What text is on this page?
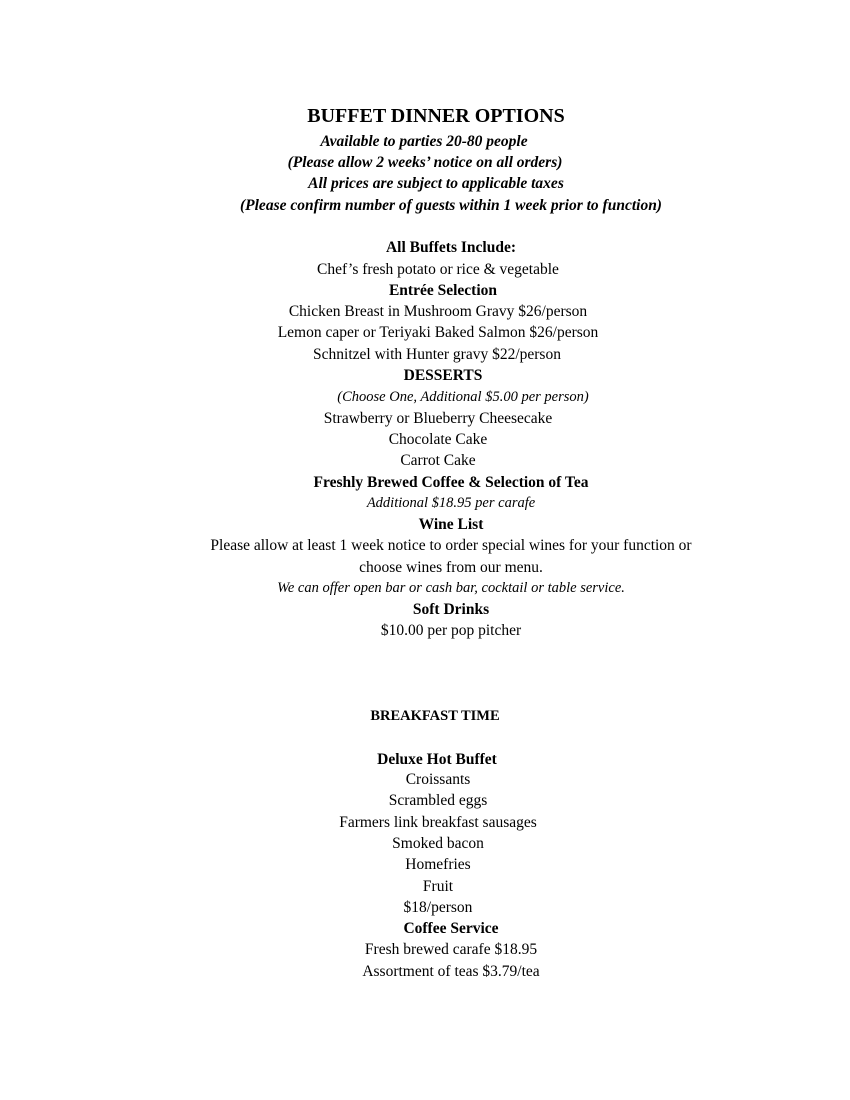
BUFFET DINNER OPTIONS
Available to parties 20-80 people
(Please allow 2 weeks’ notice on all orders)
All prices are subject to applicable taxes
(Please confirm number of guests within 1 week prior to function)
All Buffets Include:
Chef’s fresh potato or rice & vegetable
Entrée Selection
Chicken Breast in Mushroom Gravy $26/person
Lemon caper or Teriyaki Baked Salmon $26/person
Schnitzel with Hunter gravy $22/person
DESSERTS
(Choose One, Additional $5.00 per person)
Strawberry or Blueberry Cheesecake
Chocolate Cake
Carrot Cake
Freshly Brewed Coffee & Selection of Tea
Additional $18.95 per carafe
Wine List
Please allow at least 1 week notice to order special wines for your function or
choose wines from our menu.
We can offer open bar or cash bar, cocktail or table service.
Soft Drinks
$10.00 per pop pitcher
BREAKFAST TIME
Deluxe Hot Buffet
Croissants
Scrambled eggs
Farmers link breakfast sausages
Smoked bacon
Homefries
Fruit
$18/person
Coffee Service
Fresh brewed carafe $18.95
Assortment of teas $3.79/tea
